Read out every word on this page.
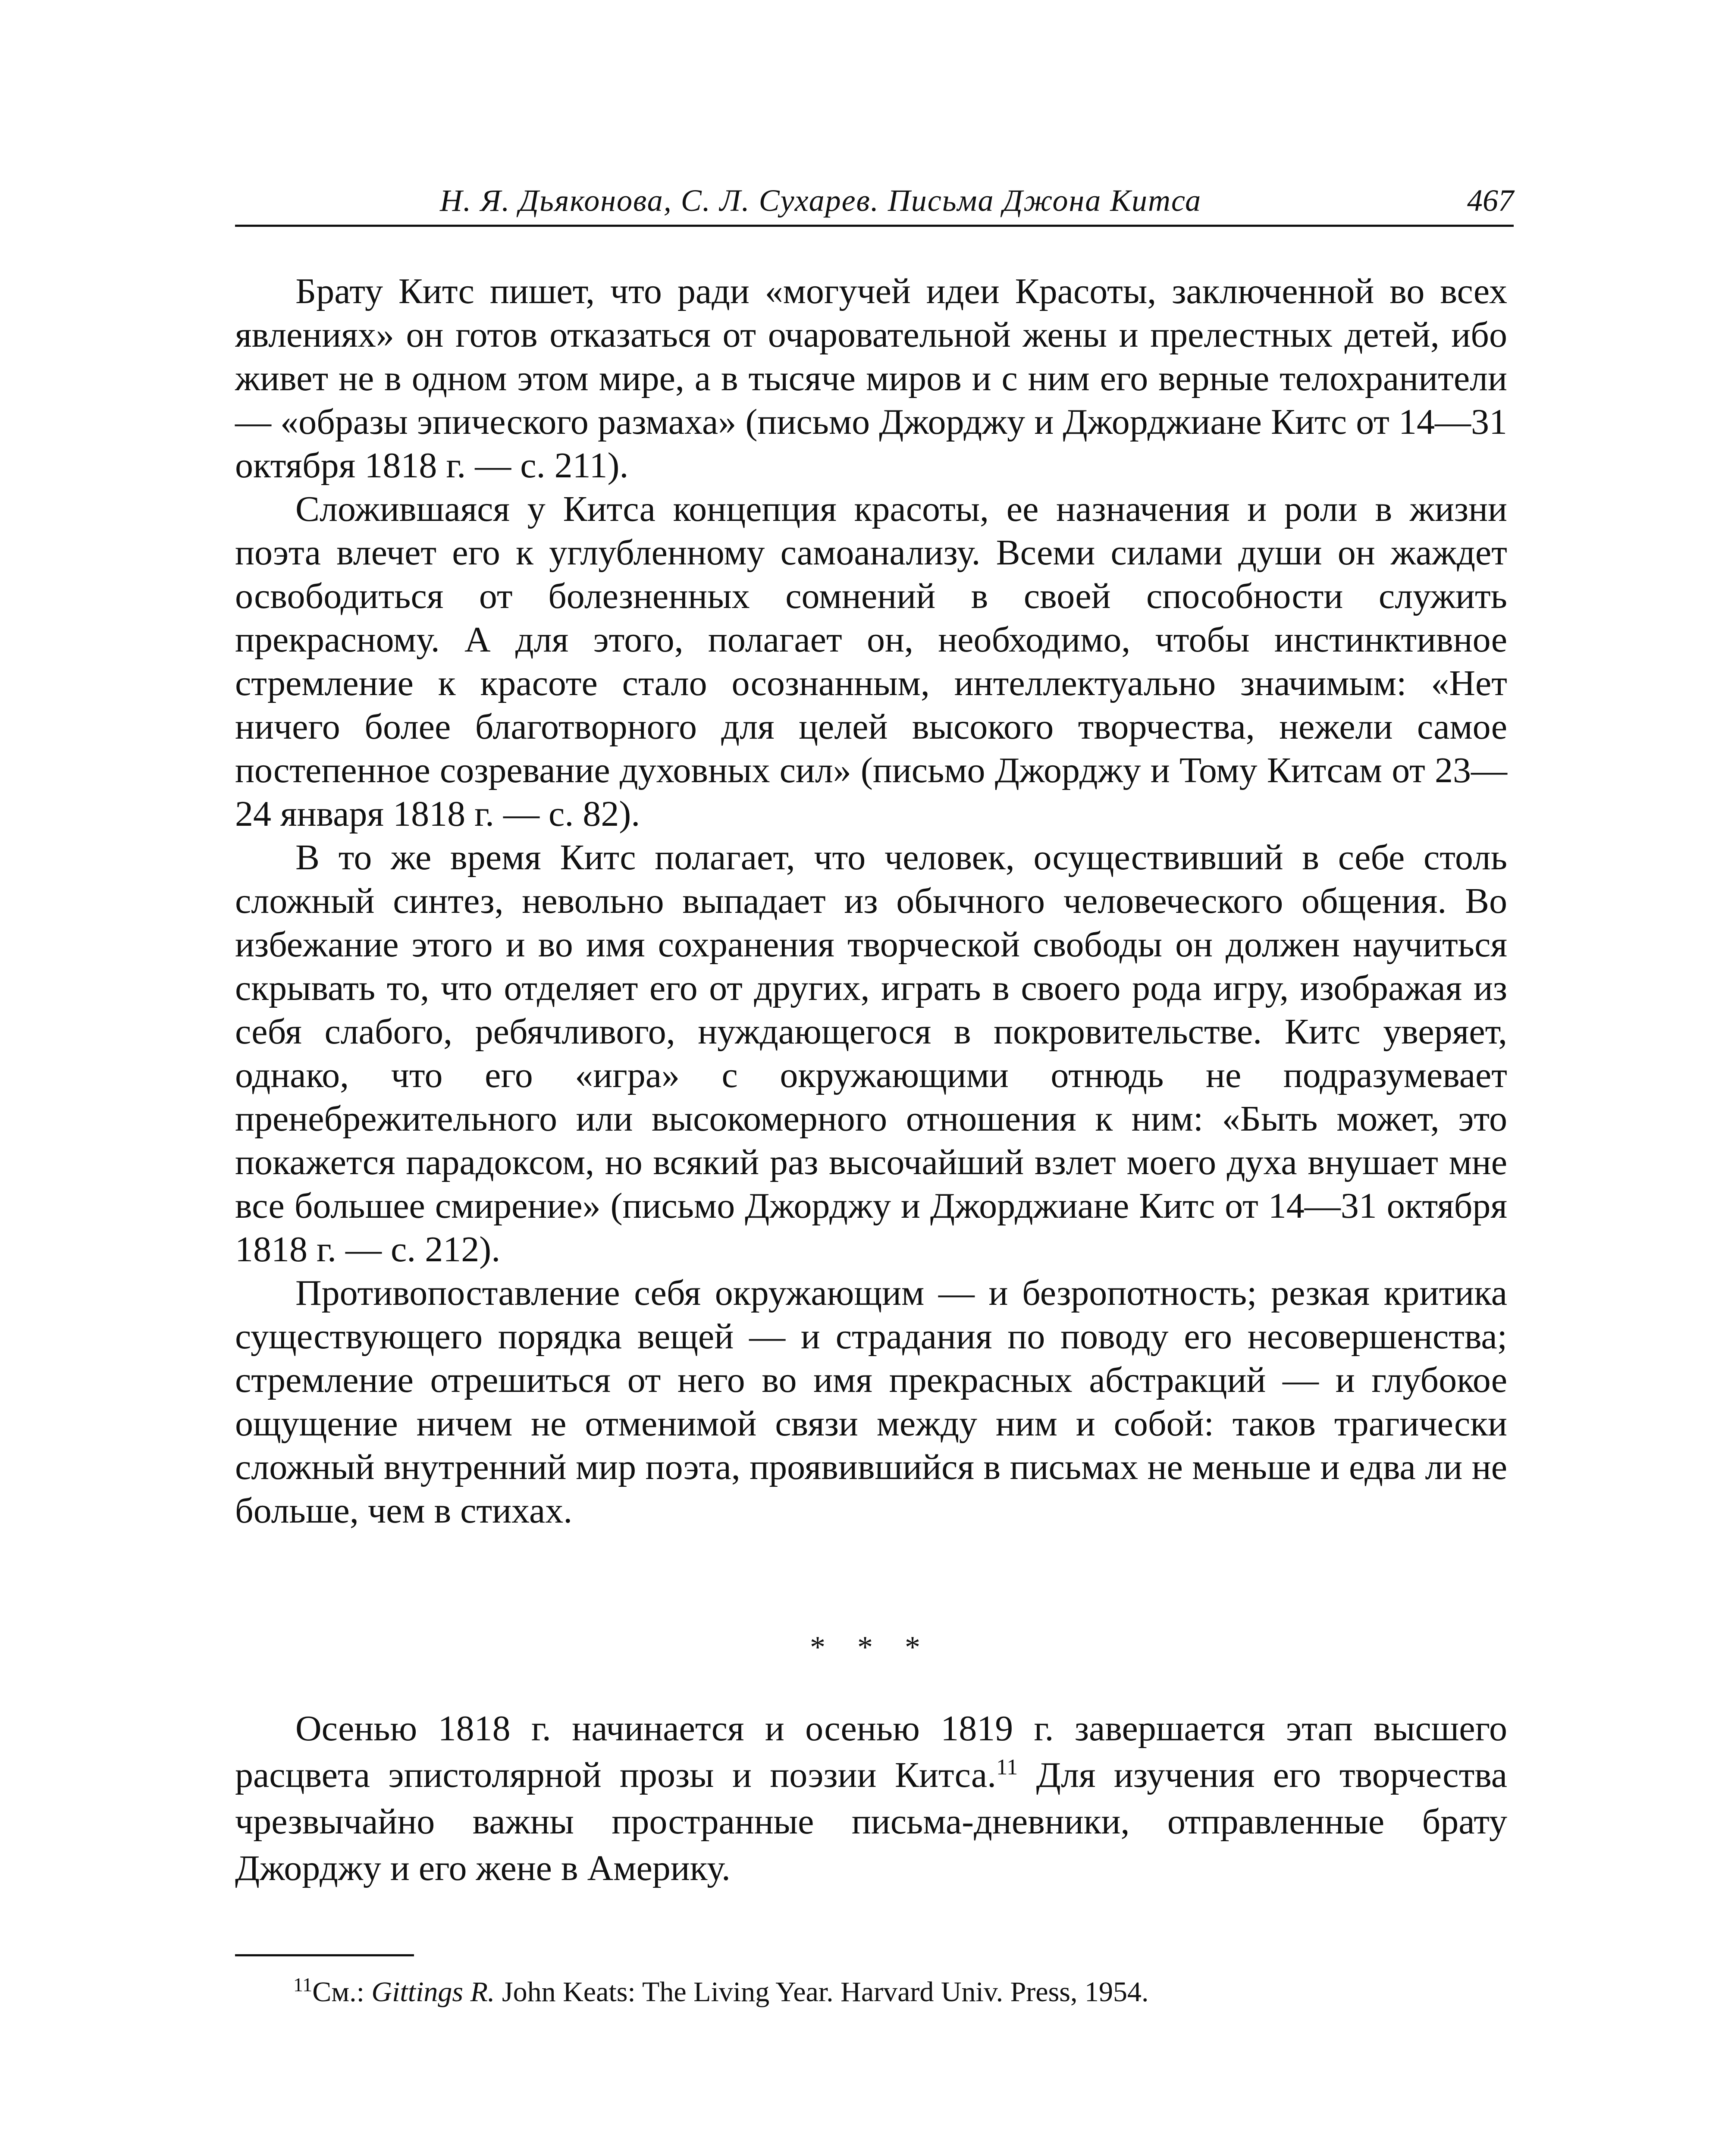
Н. Я. Дьяконова, С. Л. Сухарев. Письма Джона Китса	467

Брату Китс пишет, что ради «могучей идеи Красоты, заключенной во всех явлениях» он готов отказаться от очаровательной жены и прелестных детей, ибо живет не в одном этом мире, а в тысяче миров и с ним его верные телохранители — «образы эпического размаха» (письмо Джорджу и Джорджиане Китс от 14—31 октября 1818 г. — с. 211).

Сложившаяся у Китса концепция красоты, ее назначения и роли в жизни поэта влечет его к углубленному самоанализу. Всеми силами души он жаждет освободиться от болезненных сомнений в своей способности служить прекрасному. А для этого, полагает он, необходимо, чтобы инстинктивное стремление к красоте стало осознанным, интеллектуально значимым: «Нет ничего более благотворного для целей высокого творчества, нежели самое постепенное созревание духовных сил» (письмо Джорджу и Тому Китсам от 23—24 января 1818 г. — с. 82).

В то же время Китс полагает, что человек, осуществивший в себе столь сложный синтез, невольно выпадает из обычного человеческого общения. Во избежание этого и во имя сохранения творческой свободы он должен научиться скрывать то, что отделяет его от других, играть в своего рода игру, изображая из себя слабого, ребячливого, нуждающегося в покровительстве. Китс уверяет, однако, что его «игра» с окружающими отнюдь не подразумевает пренебрежительного или высокомерного отношения к ним: «Быть может, это покажется парадоксом, но всякий раз высочайший взлет моего духа внушает мне все большее смирение» (письмо Джорджу и Джорджиане Китс от 14—31 октября 1818 г. — с. 212).

Противопоставление себя окружающим — и безропотность; резкая критика существующего порядка вещей — и страдания по поводу его несовершенства; стремление отрешиться от него во имя прекрасных абстракций — и глубокое ощущение ничем не отменимой связи между ним и собой: таков трагически сложный внутренний мир поэта, проявившийся в письмах не меньше и едва ли не больше, чем в стихах.

* * *

Осенью 1818 г. начинается и осенью 1819 г. завершается этап высшего расцвета эпистолярной прозы и поэзии Китса.$^{11}$ Для изучения его творчества чрезвычайно важны пространные письма-дневники, отправленные брату Джорджу и его жене в Америку.

$^{11}$См.: Gittings R. John Keats: The Living Year. Harvard Univ. Press, 1954.
